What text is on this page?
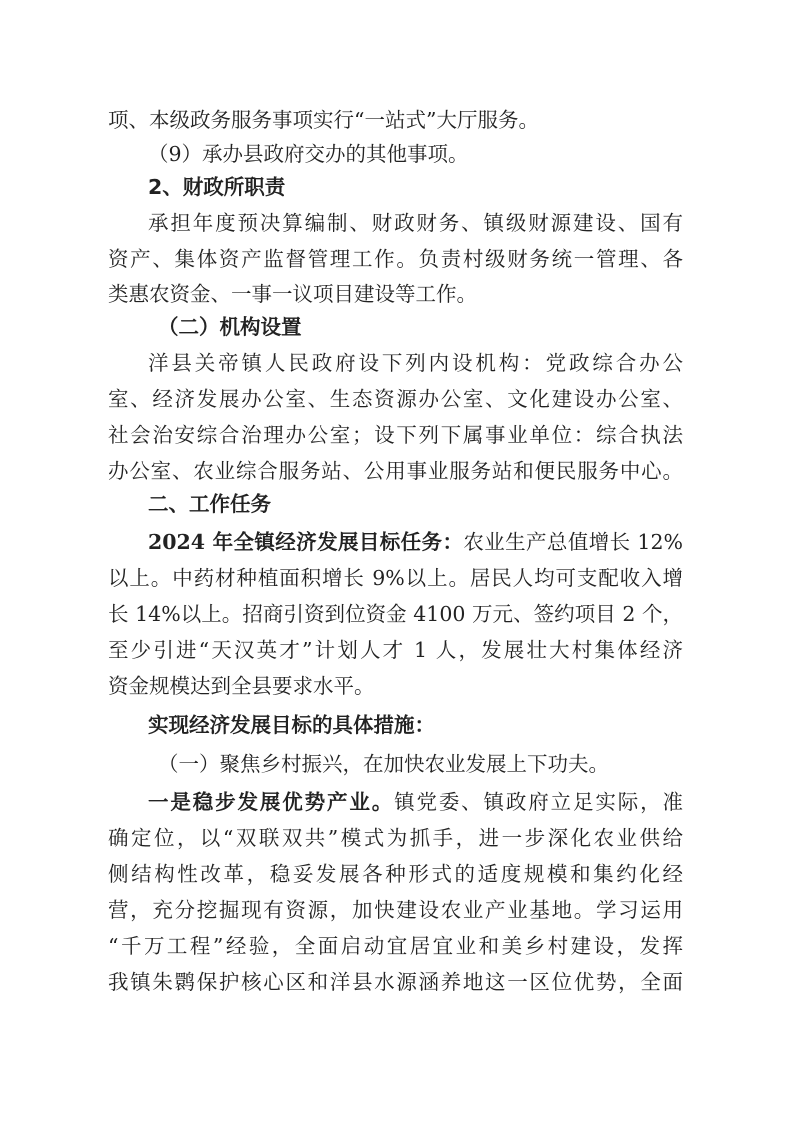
项、本级政务服务事项实行“一站式”大厅服务。
（9）承办县政府交办的其他事项。
2、财政所职责
承担年度预决算编制、财政财务、镇级财源建设、国有
资产、集体资产监督管理工作。负责村级财务统一管理、各
类惠农资金、一事一议项目建设等工作。
（二）机构设置
洋县关帝镇人民政府设下列内设机构：党政综合办公
室、经济发展办公室、生态资源办公室、文化建设办公室、
社会治安综合治理办公室；设下列下属事业单位：综合执法
办公室、农业综合服务站、公用事业服务站和便民服务中心。
二、工作任务
2024 年全镇经济发展目标任务：农业生产总值增长 12%
以上。中药材种植面积增长 9%以上。居民人均可支配收入增
长 14%以上。招商引资到位资金 4100 万元、签约项目 2 个，
至少引进“天汉英才”计划人才 1 人，发展壮大村集体经济
资金规模达到全县要求水平。
实现经济发展目标的具体措施：
（一）聚焦乡村振兴，在加快农业发展上下功夫。
一是稳步发展优势产业。镇党委、镇政府立足实际，准
确定位，以“双联双共”模式为抓手，进一步深化农业供给
侧结构性改革，稳妥发展各种形式的适度规模和集约化经
营，充分挖掘现有资源，加快建设农业产业基地。学习运用
“千万工程”经验，全面启动宜居宜业和美乡村建设，发挥
我镇朱鹮保护核心区和洋县水源涵养地这一区位优势，全面
